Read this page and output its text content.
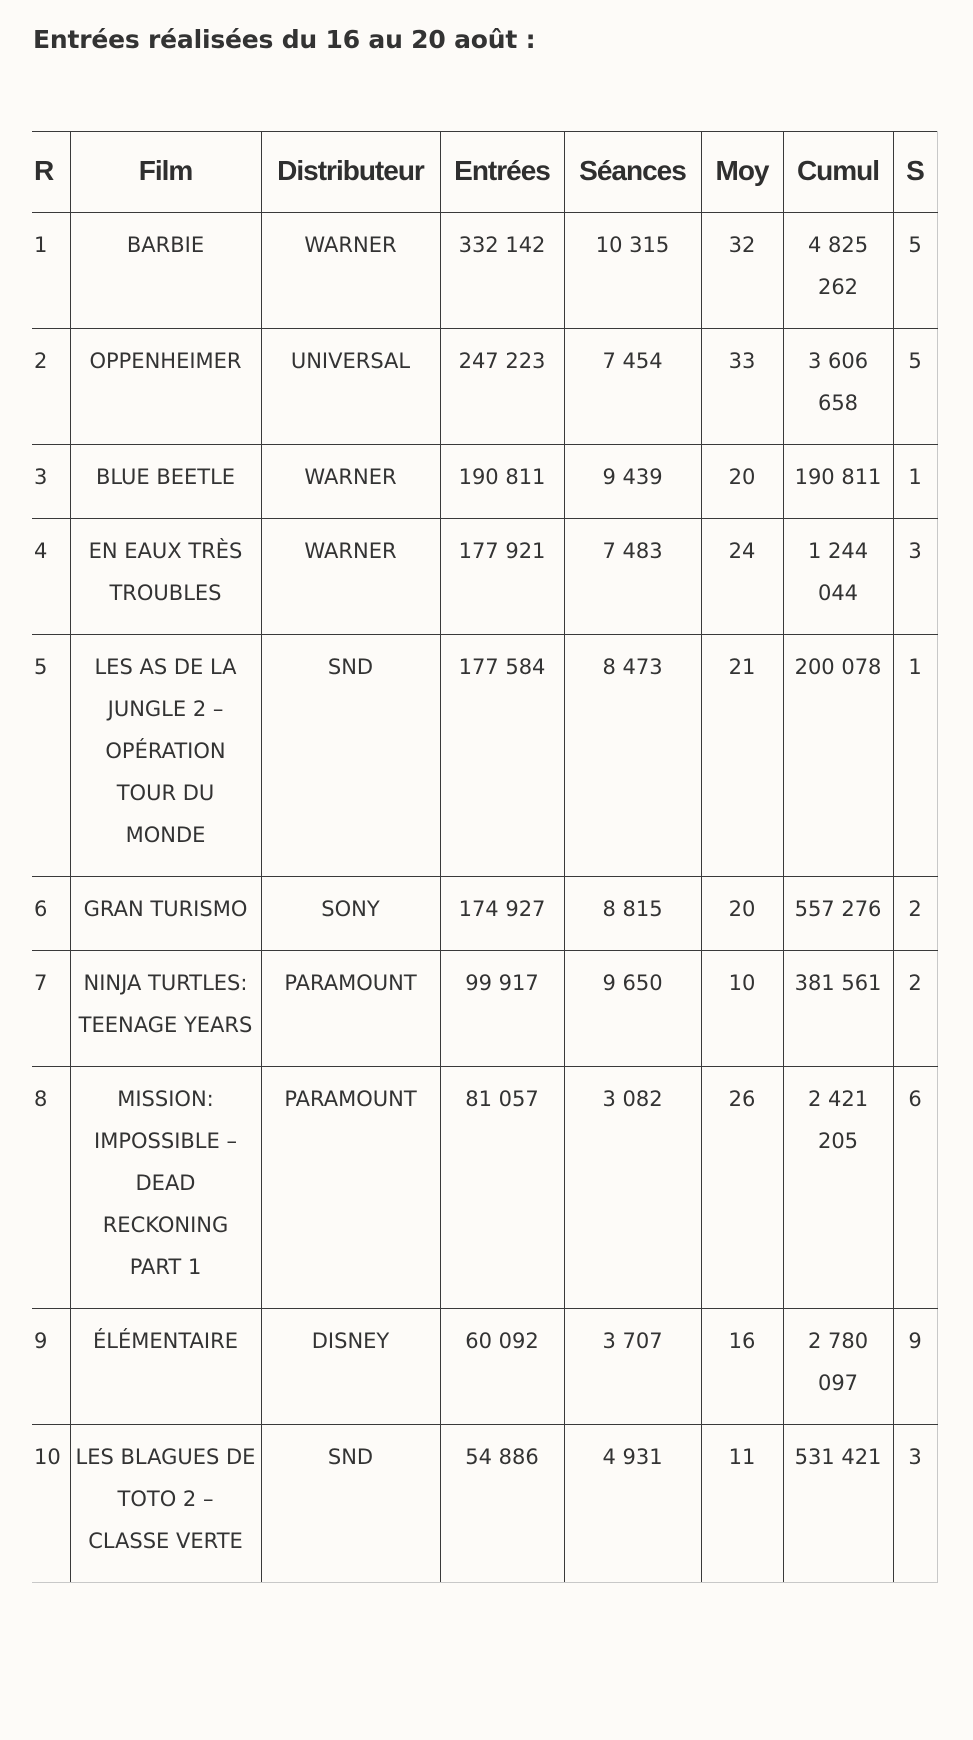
Entrées réalisées du 16 au 20 août :
R	Film	Distributeur	Entrées	Séances	Moy	Cumul	S
1	BARBIE	WARNER	332 142	10 315	32	4 825 262	5
2	OPPENHEIMER	UNIVERSAL	247 223	7 454	33	3 606 658	5
3	BLUE BEETLE	WARNER	190 811	9 439	20	190 811	1
4	EN EAUX TRÈS TROUBLES	WARNER	177 921	7 483	24	1 244 044	3
5	LES AS DE LA JUNGLE 2 – OPÉRATION TOUR DU MONDE	SND	177 584	8 473	21	200 078	1
6	GRAN TURISMO	SONY	174 927	8 815	20	557 276	2
7	NINJA TURTLES: TEENAGE YEARS	PARAMOUNT	99 917	9 650	10	381 561	2
8	MISSION: IMPOSSIBLE – DEAD RECKONING PART 1	PARAMOUNT	81 057	3 082	26	2 421 205	6
9	ÉLÉMENTAIRE	DISNEY	60 092	3 707	16	2 780 097	9
10	LES BLAGUES DE TOTO 2 – CLASSE VERTE	SND	54 886	4 931	11	531 421	3
